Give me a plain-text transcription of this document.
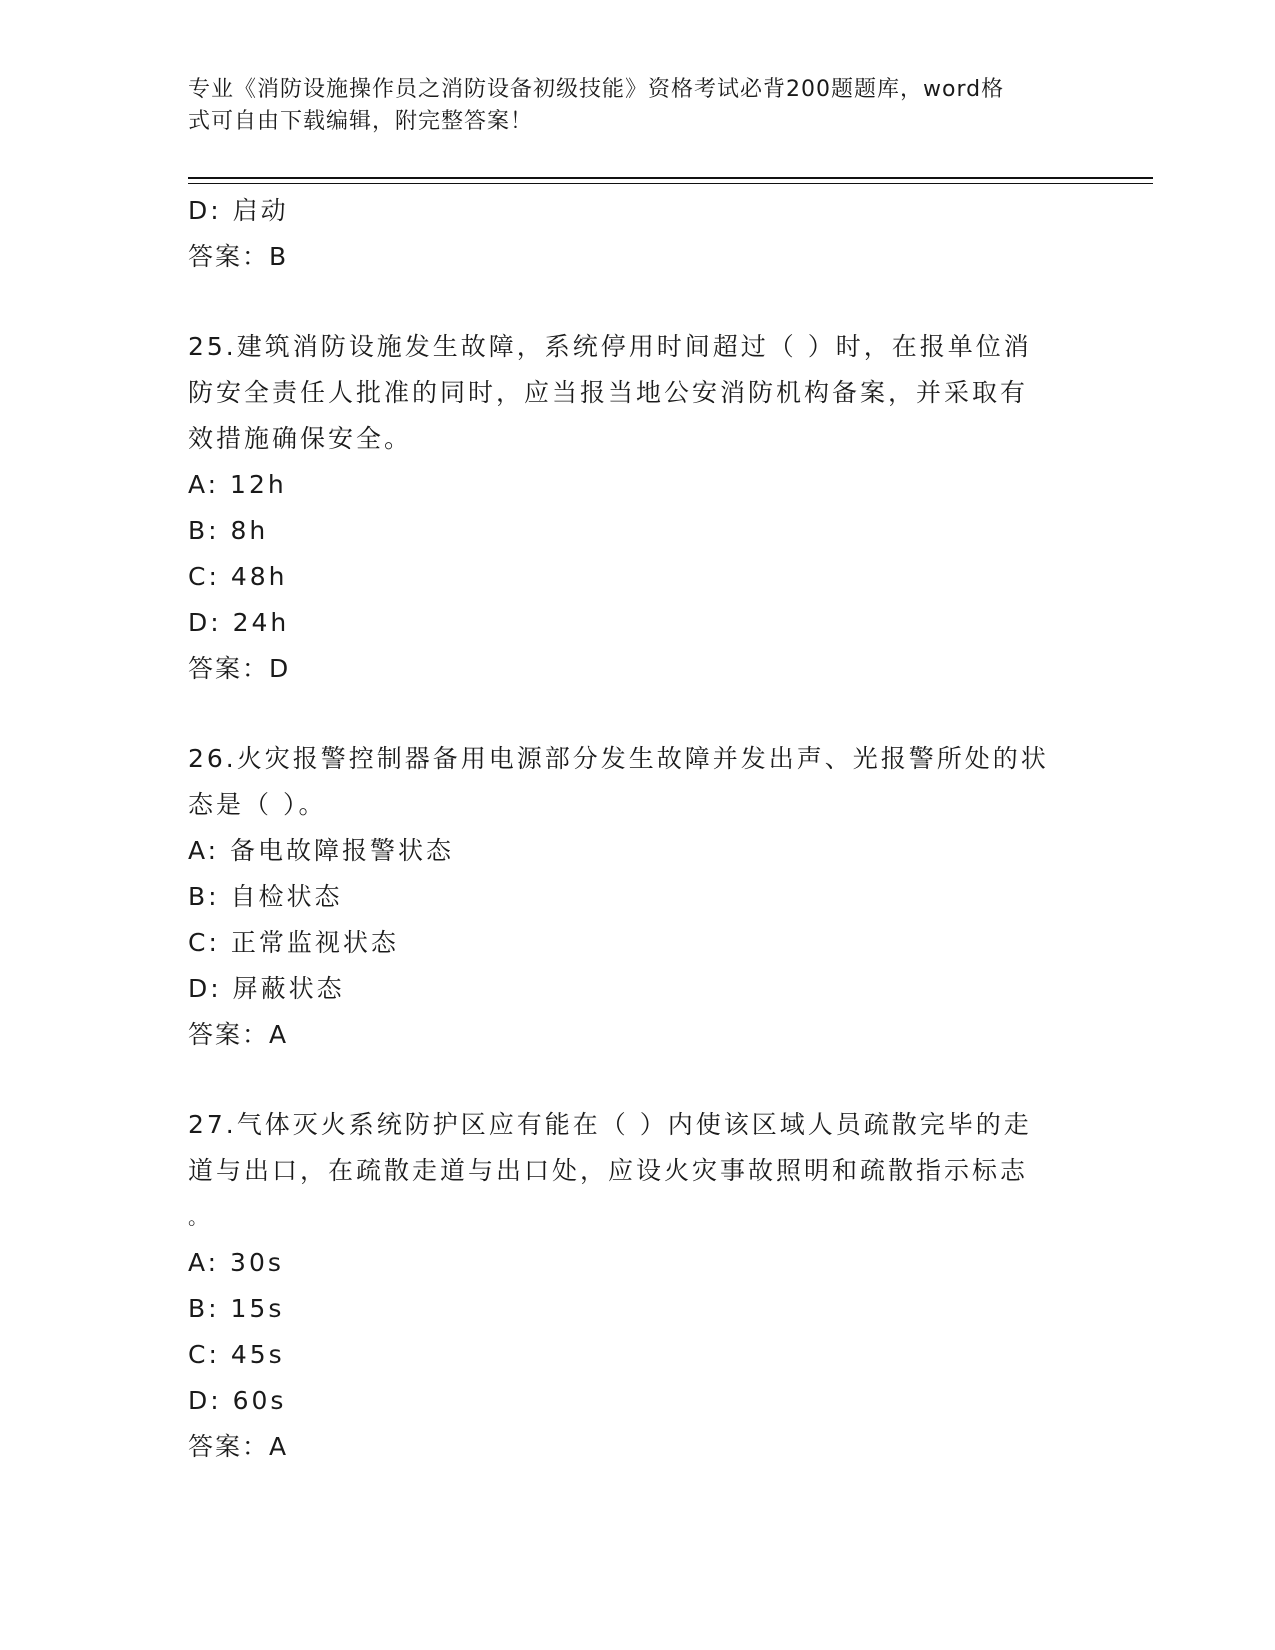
专业《消防设施操作员之消防设备初级技能》资格考试必背200题题库，word格
式可自由下载编辑，附完整答案！
D: 启动
答案：B
25.建筑消防设施发生故障，系统停用时间超过（ ）时，在报单位消
防安全责任人批准的同时，应当报当地公安消防机构备案，并采取有
效措施确保安全。
A: 12h
B: 8h
C: 48h
D: 24h
答案：D
26.火灾报警控制器备用电源部分发生故障并发出声、光报警所处的状
态是（ ）。
A: 备电故障报警状态
B: 自检状态
C: 正常监视状态
D: 屏蔽状态
答案：A
27.气体灭火系统防护区应有能在（ ）内使该区域人员疏散完毕的走
道与出口，在疏散走道与出口处，应设火灾事故照明和疏散指示标志
。
A: 30s
B: 15s
C: 45s
D: 60s
答案：A
